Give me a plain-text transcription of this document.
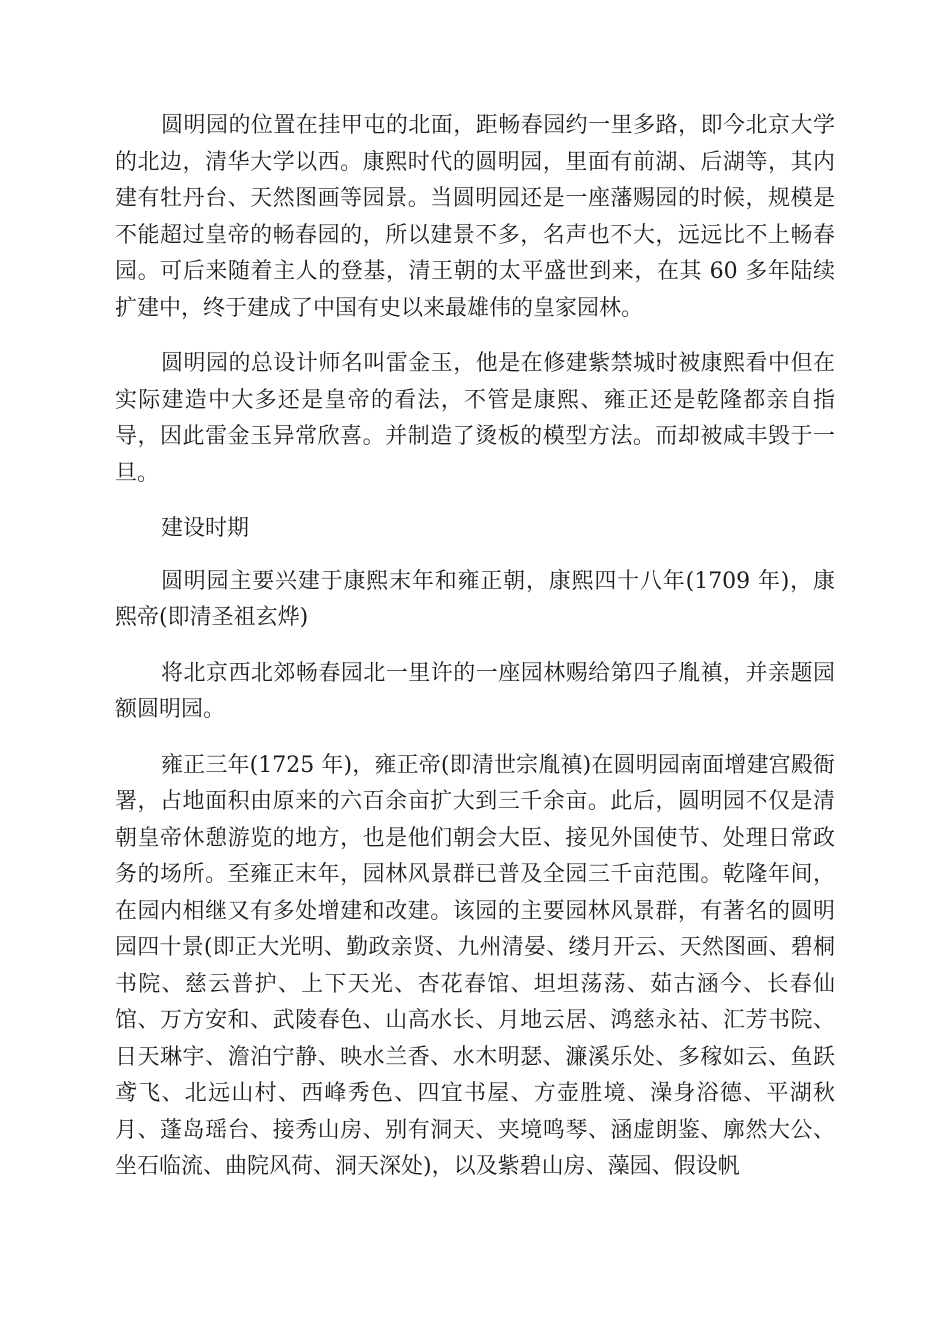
圆明园的位置在挂甲屯的北面，距畅春园约一里多路，即今北京大学的北边，清华大学以西。康熙时代的圆明园，里面有前湖、后湖等，其内建有牡丹台、天然图画等园景。当圆明园还是一座藩赐园的时候，规模是不能超过皇帝的畅春园的，所以建景不多，名声也不大，远远比不上畅春园。可后来随着主人的登基，清王朝的太平盛世到来，在其 60 多年陆续扩建中，终于建成了中国有史以来最雄伟的皇家园林。

圆明园的总设计师名叫雷金玉，他是在修建紫禁城时被康熙看中但在实际建造中大多还是皇帝的看法，不管是康熙、雍正还是乾隆都亲自指导，因此雷金玉异常欣喜。并制造了烫板的模型方法。而却被咸丰毁于一旦。

建设时期

圆明园主要兴建于康熙末年和雍正朝，康熙四十八年(1709 年)，康熙帝(即清圣祖玄烨)

将北京西北郊畅春园北一里许的一座园林赐给第四子胤禛，并亲题园额圆明园。

雍正三年(1725 年)，雍正帝(即清世宗胤禛)在圆明园南面增建宫殿衙署，占地面积由原来的六百余亩扩大到三千余亩。此后，圆明园不仅是清朝皇帝休憩游览的地方，也是他们朝会大臣、接见外国使节、处理日常政务的场所。至雍正末年，园林风景群已普及全园三千亩范围。乾隆年间，在园内相继又有多处增建和改建。该园的主要园林风景群，有著名的圆明园四十景(即正大光明、勤政亲贤、九州清晏、缕月开云、天然图画、碧桐书院、慈云普护、上下天光、杏花春馆、坦坦荡荡、茹古涵今、长春仙馆、万方安和、武陵春色、山高水长、月地云居、鸿慈永祜、汇芳书院、日天琳宇、澹泊宁静、映水兰香、水木明瑟、濂溪乐处、多稼如云、鱼跃鸢飞、北远山村、西峰秀色、四宜书屋、方壶胜境、澡身浴德、平湖秋月、蓬岛瑶台、接秀山房、别有洞天、夹境鸣琴、涵虚朗鉴、廓然大公、坐石临流、曲院风荷、洞天深处)，以及紫碧山房、藻园、假设帆
